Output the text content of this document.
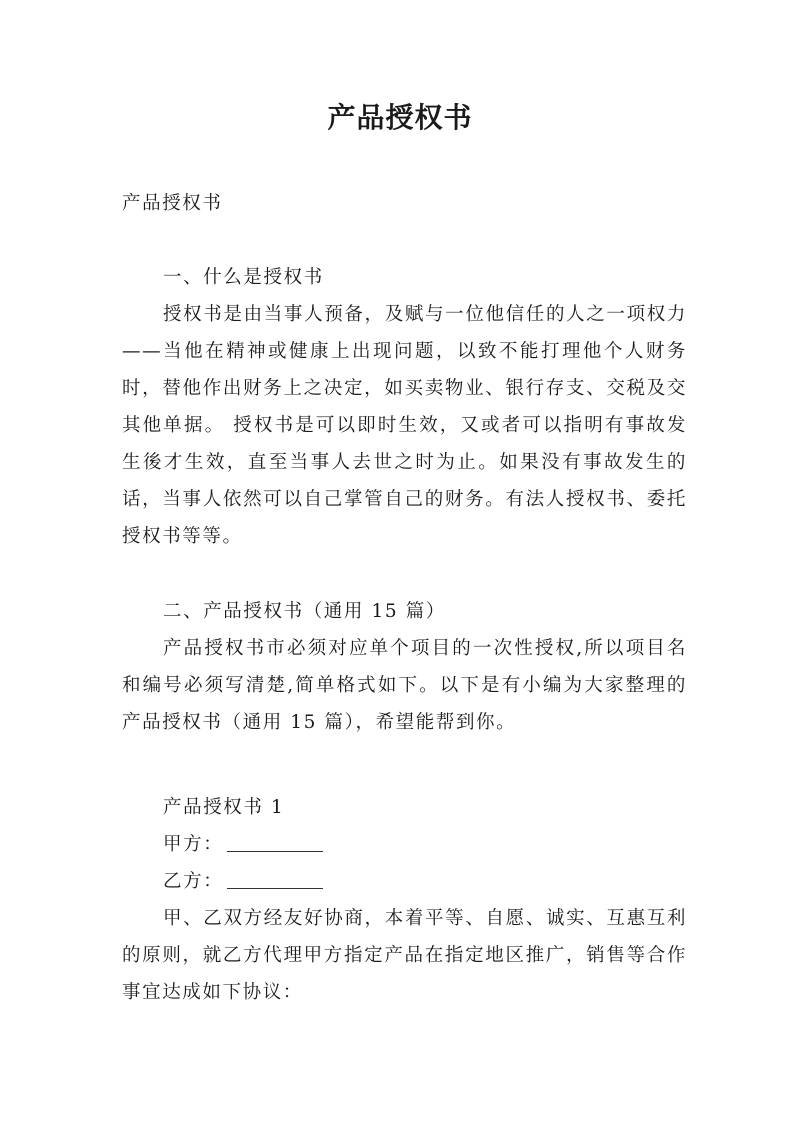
产品授权书
产品授权书
一、什么是授权书

授权书是由当事人预备，及赋与一位他信任的人之一项权力——当他在精神或健康上出现问题，以致不能打理他个人财务时，替他作出财务上之决定，如买卖物业、银行存支、交税及交其他单据。 授权书是可以即时生效，又或者可以指明有事故发生後才生效，直至当事人去世之时为止。如果没有事故发生的话，当事人依然可以自己掌管自己的财务。有法人授权书、委托授权书等等。

二、产品授权书（通用 15 篇）

产品授权书市必须对应单个项目的一次性授权,所以项目名和编号必须写清楚,简单格式如下。以下是有小编为大家整理的产品授权书（通用 15 篇），希望能帮到你。

产品授权书 1
甲方：
乙方：

甲、乙双方经友好协商，本着平等、自愿、诚实、互惠互利的原则，就乙方代理甲方指定产品在指定地区推广，销售等合作事宜达成如下协议：
